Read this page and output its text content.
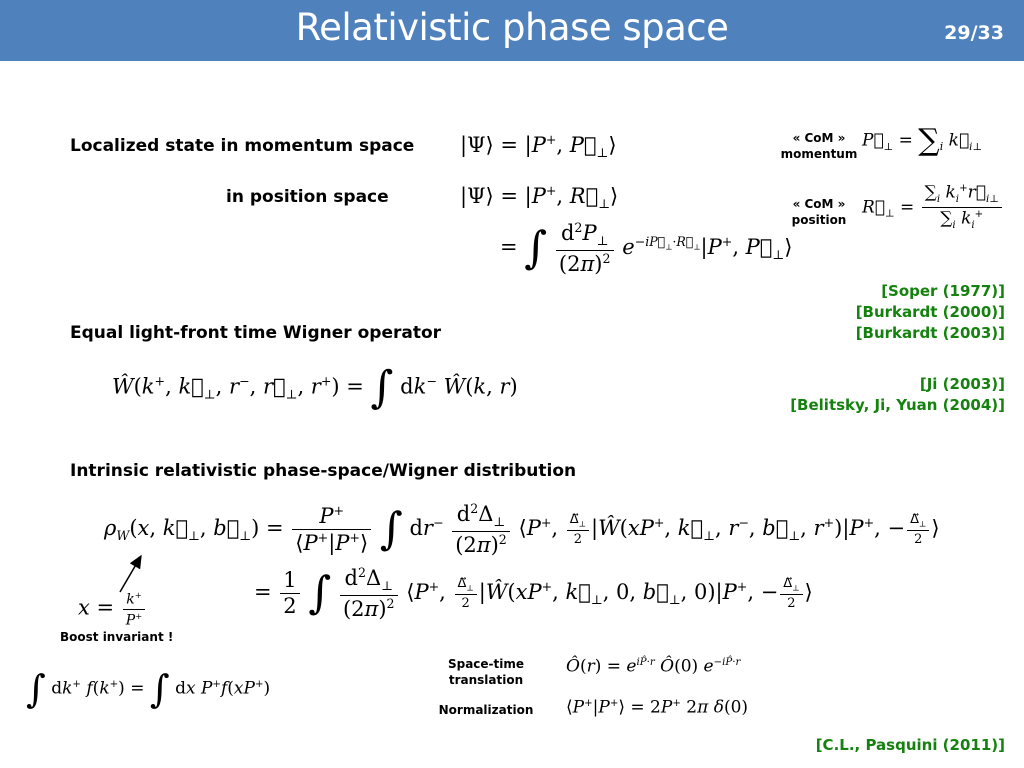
Relativistic phase space	29/33
Localized state in momentum space
in position space
Equal light-front time Wigner operator
Intrinsic relativistic phase-space/Wigner distribution
Boost invariant !
« CoM »
momentum
« CoM »
position
Space-time
translation
Normalization
[Soper (1977)]
[Burkardt (2000)]
[Burkardt (2003)]
[Ji (2003)]
[Belitsky, Ji, Yuan (2004)]
[C.L., Pasquini (2011)]
|Ψ⟩ = |P+, $P⃗_\perp⟩$
|Ψ⟩ = |P+, $R⃗_\perp⟩$
= ∫ $\frac{d^2P_\perp}{(2\pi)^2} e^{-iP⃗_\perp\cdot R⃗_\perp}|P^+$, $P⃗_\perp⟩$
$P⃗_\perp = \sum_i$ $k⃗_{i\perp}$
$R⃗_\perp = \frac{\sum_i k_i^+r⃗_{i\perp}}{\sum_i k_i^+}$
Ŵ(k+, $k⃗_\perp$, r−, $r⃗_\perp$, r+) = ∫ dk− Ŵ(k, r)
$\rho_W(x$, $k⃗_\perp$, $b⃗_\perp) = \frac{P^+}{⟨P^+|P^+⟩}$ ∫ $dr^- \frac{d^2\Delta_\perp}{(2\pi)^2}$ ⟨P+, $\frac{\Delta⃗_\perp}{2}$ |Ŵ(xP+, $k⃗_\perp$, r−, $b⃗_\perp$, r+)|P+, − $\frac{\Delta⃗_\perp}{2}$ ⟩
$x = \frac{k^+}{P^+}$	= $\frac{1}{2}$ ∫ $\frac{d^2\Delta_\perp}{(2\pi)^2}$ ⟨P+, $\frac{\Delta⃗_\perp}{2}$ |Ŵ(xP+, $k⃗_\perp$, 0, $b⃗_\perp$, 0)|P+, − $\frac{\Delta⃗_\perp}{2}$ ⟩
∫ dk+ f(k+) = ∫ dx P+f(xP+)
Ô(r) = $e^{iP̂\cdot r}$ Ô(0) $e^{-iP̂\cdot r}$
⟨P+|P+⟩ = 2P+ 2π δ(0)
